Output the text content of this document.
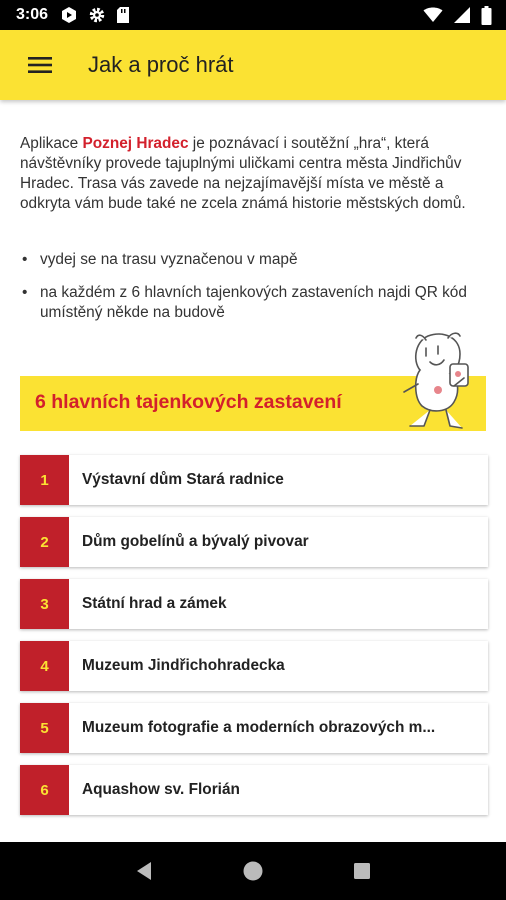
3:06
Jak a proč hrát

Aplikace Poznej Hradec je poznávací i soutěžní „hra“, která návštěvníky provede tajuplnými uličkami centra města Jindřichův Hradec. Trasa vás zavede na nejzajímavější místa ve městě a odkryta vám bude také ne zcela známá historie městských domů.

• vydej se na trasu vyznačenou v mapě
• na každém z 6 hlavních tajenkových zastaveních najdi QR kód umístěný někde na budově
6 hlavních tajenkových zastavení
1	Výstavní dům Stará radnice
2	Dům gobelínů a bývalý pivovar
3	Státní hrad a zámek
4	Muzeum Jindřichohradecka
5	Muzeum fotografie a moderních obrazových m...
6	Aquashow sv. Florián
